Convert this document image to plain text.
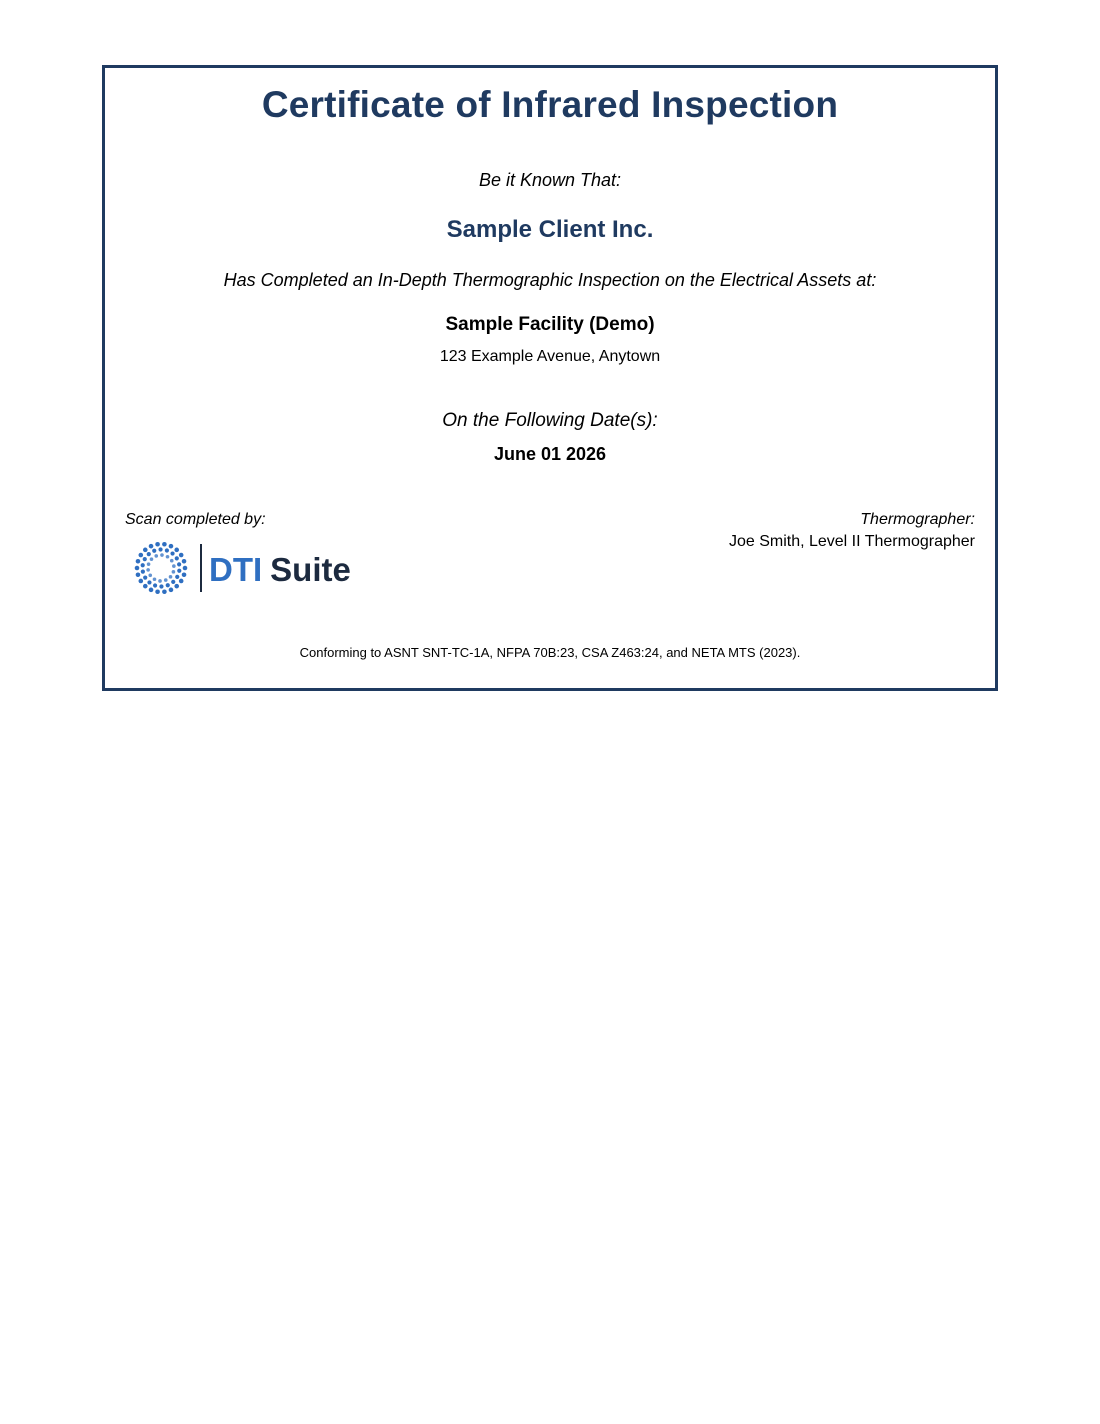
Certificate of Infrared Inspection
Be it Known That:
Sample Client Inc.
Has Completed an In-Depth Thermographic Inspection on the Electrical Assets at:
Sample Facility (Demo)
123 Example Avenue, Anytown
On the Following Date(s):
June 01 2026
Scan completed by:
DTI Suite
Thermographer:
Joe Smith, Level II Thermographer
Conforming to ASNT SNT-TC-1A, NFPA 70B:23, CSA Z463:24, and NETA MTS (2023).
